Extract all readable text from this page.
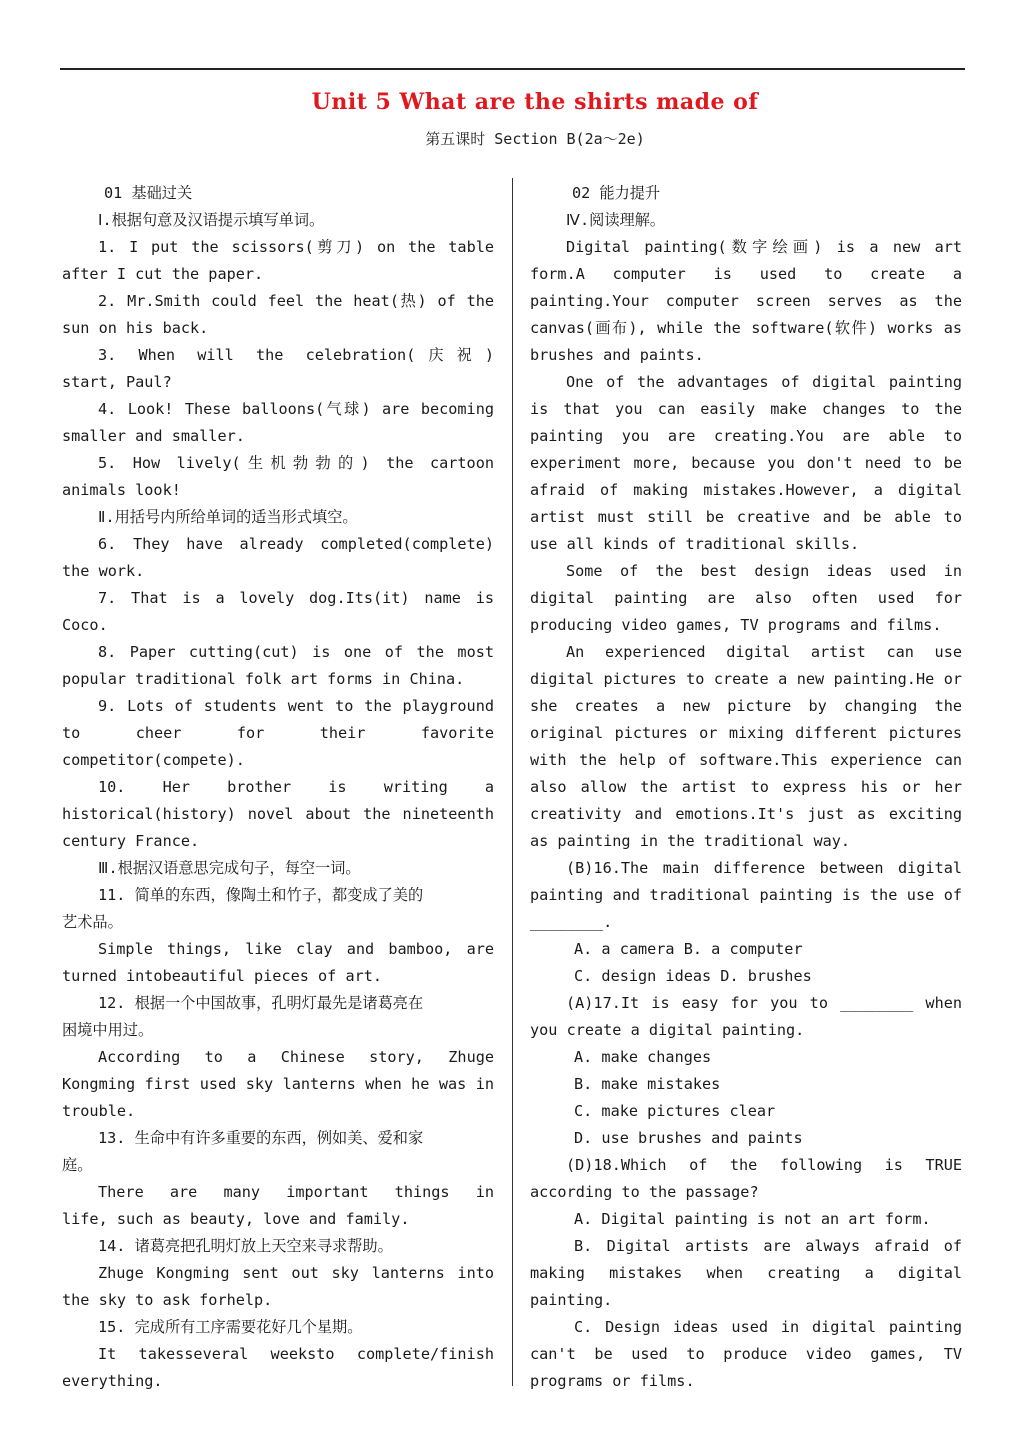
Unit 5 What are the shirts made of
第五课时 Section B(2a～2e)
01 基础过关
Ⅰ.根据句意及汉语提示填写单词。
1. I put the scissors(剪刀) on the table
after I cut the paper.
2. Mr.Smith could feel the heat(热) of the
sun on his back.
3. When will the celebration(庆祝)
start, Paul?
4. Look! These balloons(气球) are becoming
smaller and smaller.
5. How lively(生机勃勃的) the cartoon
animals look!
Ⅱ.用括号内所给单词的适当形式填空。
6. They have already completed(complete)
the work.
7. That is a lovely dog.Its(it) name is
Coco.
8. Paper cutting(cut) is one of the most
popular traditional folk art forms in China.
9. Lots of students went to the playground
to cheer for their favorite
competitor(compete).
10. Her brother is writing a
historical(history) novel about the nineteenth
century France.
Ⅲ.根据汉语意思完成句子，每空一词。
11. 简单的东西，像陶土和竹子，都变成了美的
艺术品。
Simple things, like clay and bamboo, are
turned intobeautiful pieces of art.
12. 根据一个中国故事，孔明灯最先是诸葛亮在
困境中用过。
According to a Chinese story, Zhuge
Kongming first used sky lanterns when he was in
trouble.
13. 生命中有许多重要的东西，例如美、爱和家
庭。
There are many important things in
life, such as beauty, love and family.
14. 诸葛亮把孔明灯放上天空来寻求帮助。
Zhuge Kongming sent out sky lanterns into
the sky to ask forhelp.
15. 完成所有工序需要花好几个星期。
It takesseveral weeksto complete/finish
everything.
02 能力提升
Ⅳ.阅读理解。
Digital painting(数字绘画) is a new art
form.A computer is used to create a
painting.Your computer screen serves as the
canvas(画布), while the software(软件) works as
brushes and paints.
One of the advantages of digital painting
is that you can easily make changes to the
painting you are creating.You are able to
experiment more, because you don't need to be
afraid of making mistakes.However, a digital
artist must still be creative and be able to
use all kinds of traditional skills.
Some of the best design ideas used in
digital painting are also often used for
producing video games, TV programs and films.
An experienced digital artist can use
digital pictures to create a new painting.He or
she creates a new picture by changing the
original pictures or mixing different pictures
with the help of software.This experience can
also allow the artist to express his or her
creativity and emotions.It's just as exciting
as painting in the traditional way.
(B)16.The main difference between digital
painting and traditional painting is the use of
________.
A. a camera B. a computer
C. design ideas D. brushes
(A)17.It is easy for you to ________ when
you create a digital painting.
A. make changes
B. make mistakes
C. make pictures clear
D. use brushes and paints
(D)18.Which of the following is TRUE
according to the passage?
A. Digital painting is not an art form.
B. Digital artists are always afraid of
making mistakes when creating a digital
painting.
C. Design ideas used in digital painting
can't be used to produce video games, TV
programs or films.
